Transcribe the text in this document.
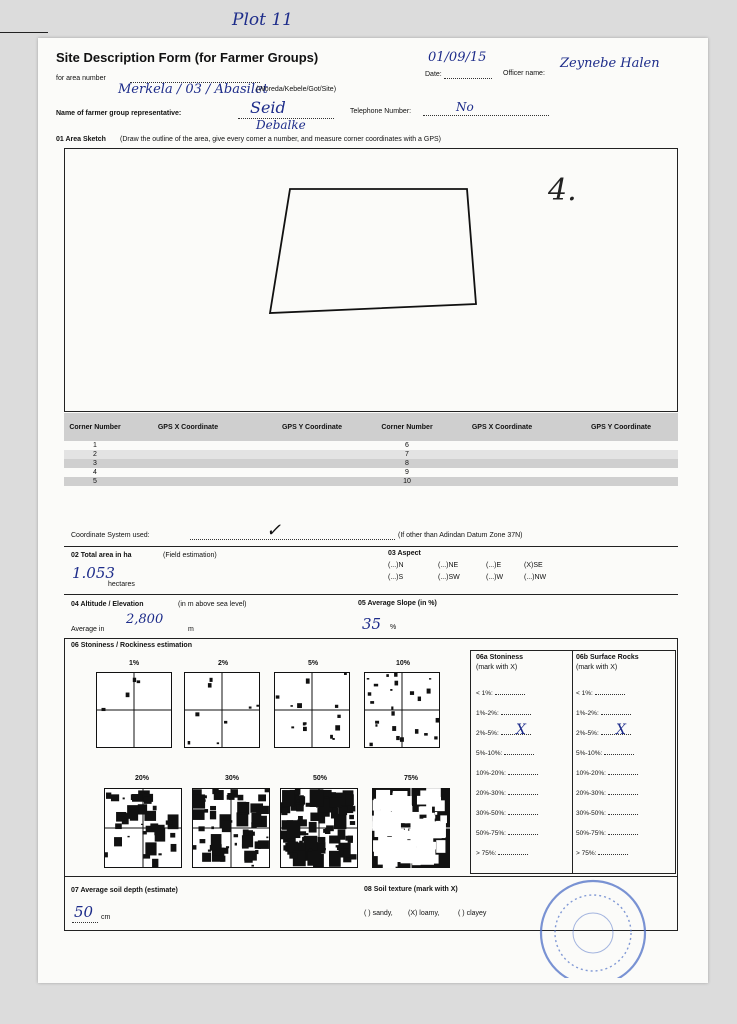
Plot 11
Site Description Form (for Farmer Groups)
for area number
Merkela / 03 / Abasilet
(Woreda/Kebele/Got/Site)
01/09/15
Date:	Officer name:
Zeynebe Halen
Name of farmer group representative:	Seid
Debalke
Telephone Number:	No
01 Area Sketch (Draw the outline of the area, give every corner a number, and measure corner coordinates with a GPS)
4.
Corner Number	GPS X Coordinate	GPS Y Coordinate	Corner Number	GPS X Coordinate	GPS Y Coordinate
1			6		
2			7		
3			8		
4			9		
5			10		
Coordinate System used:	✓	(If other than Adindan Datum Zone 37N)
02 Total area in ha	(Field estimation)
1.053
hectares
03 Aspect
(...)N	(...)NE	(...)E	(X)SE
(...)S	(...)SW	(...)W	(...)NW
04 Altitude / Elevation	(in m above sea level)
Average in
2,800
m
05 Average Slope (in %)
35 %
06 Stoniness / Rockiness estimation
1%	2%	5%	10%
20%	30%	50%	75%
06a Stoniness
(mark with X)
06b Surface Rocks
(mark with X)
07 Average soil depth (estimate)
50 cm
08 Soil texture (mark with X)
( ) sandy, (X) loamy,	( ) clayey
< 1%:	< 1%:
1%-2%:	1%-2%:
2%-5%: X	2%-5%: X
5%-10%:	5%-10%:
10%-20%:	10%-20%:
20%-30%:	20%-30%:
30%-50%:	30%-50%:
50%-75%:	50%-75%:
> 75%:	> 75%:
